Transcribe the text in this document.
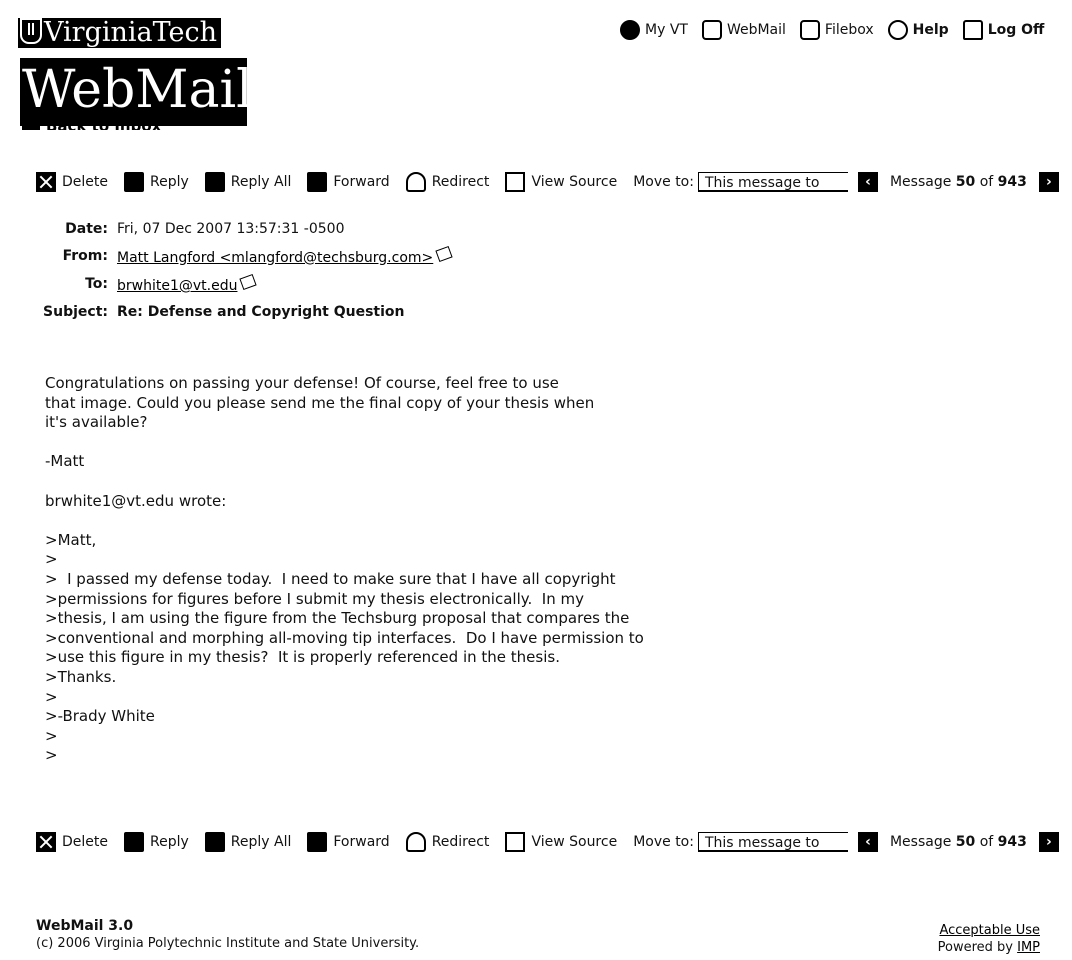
VirginiaTech
WebMail
My VT	WebMail	Filebox	Help	Log Off
Delete	Reply	Reply All	Forward	Redirect	View Source Move to: This message to	‹	Message 50 of 943	›
Date: Fri, 07 Dec 2007 13:57:31 -0500
From: Matt Langford <mlangford@techsburg.com>
To: brwhite1@vt.edu
Subject: Re: Defense and Copyright Question
Congratulations on passing your defense! Of course, feel free to use
that image. Could you please send me the final copy of your thesis when
it's available?

-Matt

brwhite1@vt.edu wrote:

>Matt,
>
>  I passed my defense today.  I need to make sure that I have all copyright
>permissions for figures before I submit my thesis electronically.  In my
>thesis, I am using the figure from the Techsburg proposal that compares the
>conventional and morphing all-moving tip interfaces.  Do I have permission to
>use this figure in my thesis?  It is properly referenced in the thesis.
>Thanks.
>
>-Brady White
>
>
Delete	Reply	Reply All	Forward	Redirect	View Source Move to: This message to	‹	Message 50 of 943	›
WebMail 3.0
(c) 2006 Virginia Polytechnic Institute and State University.
Acceptable Use
Powered by IMP
